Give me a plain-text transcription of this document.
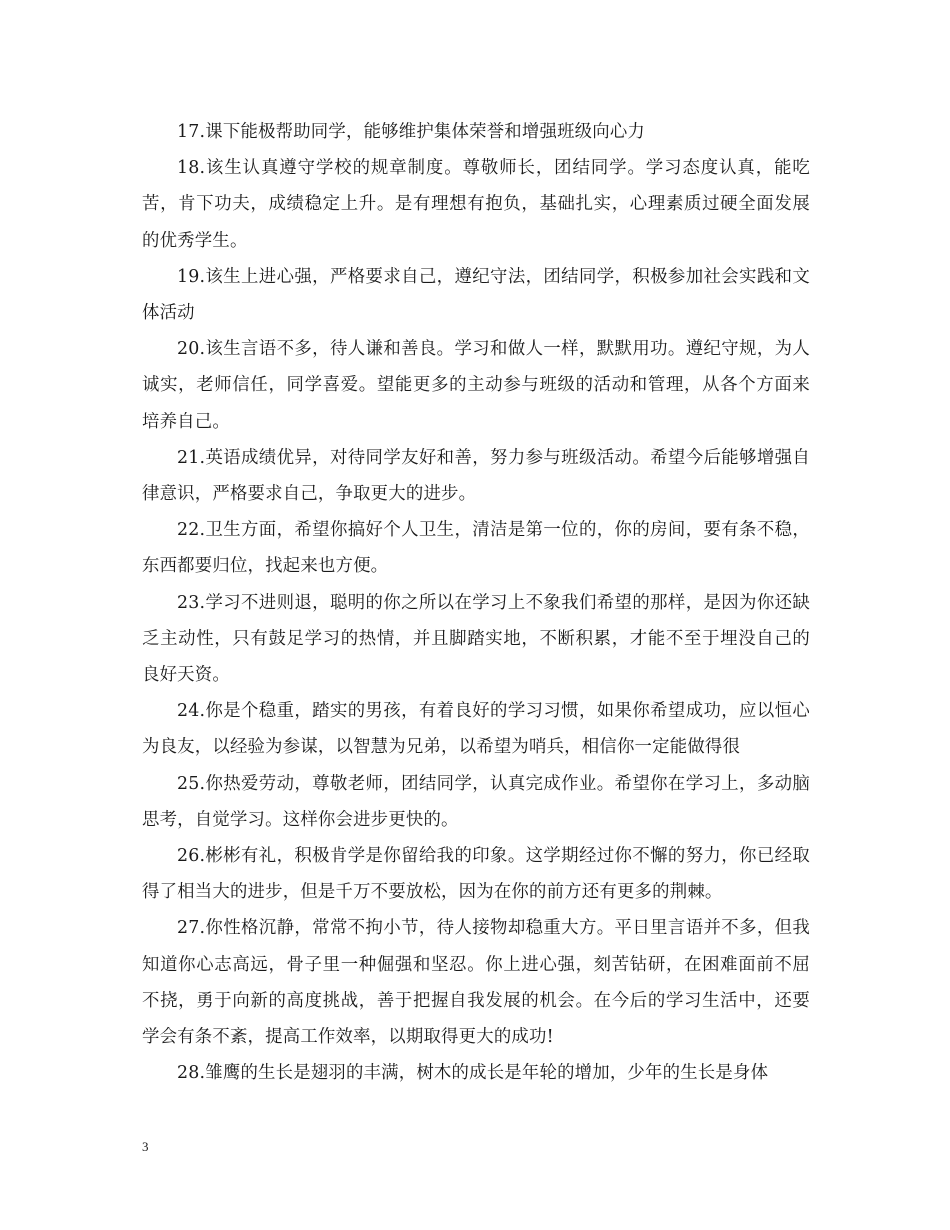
17.课下能极帮助同学，能够维护集体荣誉和增强班级向心力

18.该生认真遵守学校的规章制度。尊敬师长，团结同学。学习态度认真，能吃苦，肯下功夫，成绩稳定上升。是有理想有抱负，基础扎实，心理素质过硬全面发展的优秀学生。

19.该生上进心强，严格要求自己，遵纪守法，团结同学，积极参加社会实践和文体活动

20.该生言语不多，待人谦和善良。学习和做人一样，默默用功。遵纪守规，为人诚实，老师信任，同学喜爱。望能更多的主动参与班级的活动和管理，从各个方面来培养自己。

21.英语成绩优异，对待同学友好和善，努力参与班级活动。希望今后能够增强自律意识，严格要求自己，争取更大的进步。

22.卫生方面，希望你搞好个人卫生，清洁是第一位的，你的房间，要有条不稳，东西都要归位，找起来也方便。

23.学习不进则退，聪明的你之所以在学习上不象我们希望的那样，是因为你还缺乏主动性，只有鼓足学习的热情，并且脚踏实地，不断积累，才能不至于埋没自己的良好天资。

24.你是个稳重，踏实的男孩，有着良好的学习习惯，如果你希望成功，应以恒心为良友，以经验为参谋，以智慧为兄弟，以希望为哨兵，相信你一定能做得很

25.你热爱劳动，尊敬老师，团结同学，认真完成作业。希望你在学习上，多动脑思考，自觉学习。这样你会进步更快的。

26.彬彬有礼，积极肯学是你留给我的印象。这学期经过你不懈的努力，你已经取得了相当大的进步，但是千万不要放松，因为在你的前方还有更多的荆棘。

27.你性格沉静，常常不拘小节，待人接物却稳重大方。平日里言语并不多，但我知道你心志高远，骨子里一种倔强和坚忍。你上进心强，刻苦钻研，在困难面前不屈不挠，勇于向新的高度挑战，善于把握自我发展的机会。在今后的学习生活中，还要学会有条不紊，提高工作效率，以期取得更大的成功!

28.雏鹰的生长是翅羽的丰满，树木的成长是年轮的增加，少年的生长是身体

3
